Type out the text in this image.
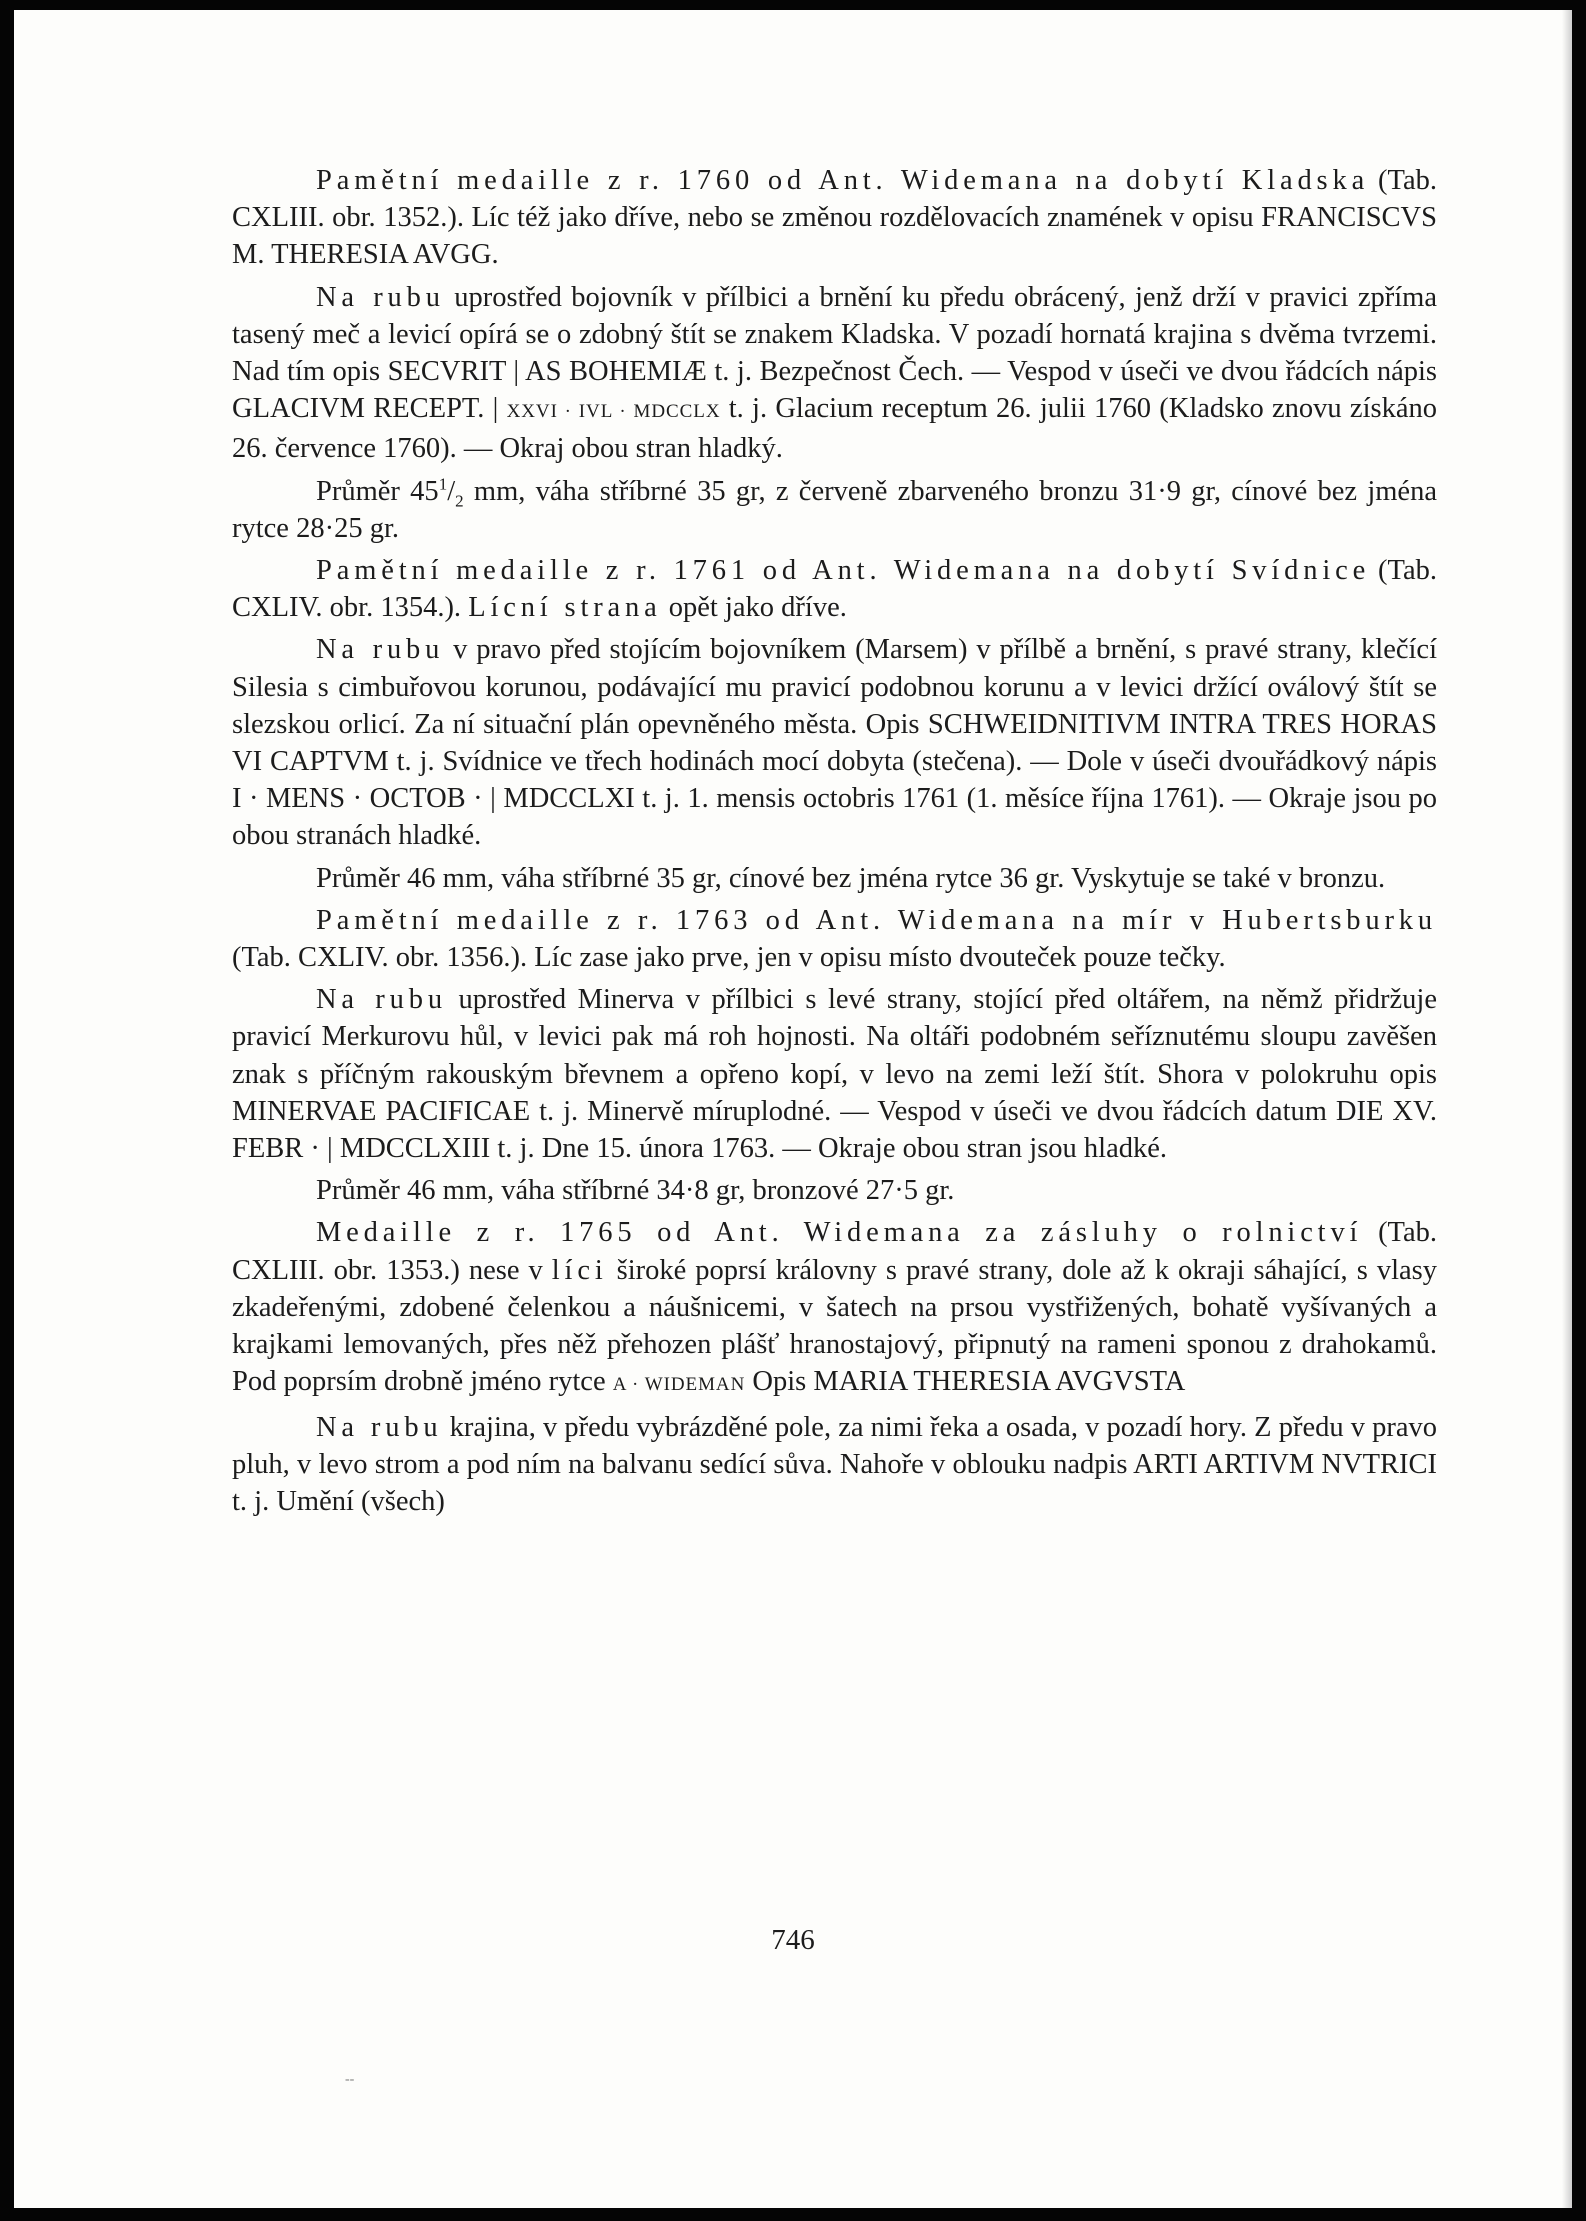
Pamětní medaille z r. 1760 od Ant. Widemana na dobytí Kladska (Tab. CXLIII. obr. 1352.). Líc též jako dříve, nebo se změnou rozdělovacích znamének v opisu FRANCISCVS M. THERESIA AVGG.

Na rubu uprostřed bojovník v přílbici a brnění ku předu obrácený, jenž drží v pravici zpříma tasený meč a levicí opírá se o zdobný štít se znakem Kladska. V pozadí hornatá krajina s dvěma tvrzemi. Nad tím opis SECVRIT | AS BOHEMIÆ t. j. Bezpečnost Čech. — Vespod v úseči ve dvou řádcích nápis GLACIVM RECEPT. | XXVI · IVL · MDCCLX t. j. Glacium receptum 26. julii 1760 (Kladsko znovu získáno 26. července 1760). — Okraj obou stran hladký.

Průměr $45^1/_2$ mm, váha stříbrné 35 gr, z červeně zbarveného bronzu 31·9 gr, cínové bez jména rytce 28·25 gr.

Pamětní medaille z r. 1761 od Ant. Widemana na dobytí Svídnice (Tab. CXLIV. obr. 1354.). Lícní strana opět jako dříve.

Na rubu v pravo před stojícím bojovníkem (Marsem) v přílbě a brnění, s pravé strany, klečící Silesia s cimbuřovou korunou, podávající mu pravicí podobnou korunu a v levici držící oválový štít se slezskou orlicí. Za ní situační plán opevněného města. Opis SCHWEIDNITIVM INTRA TRES HORAS VI CAPTVM t. j. Svídnice ve třech hodinách mocí dobyta (stečena). — Dole v úseči dvouřádkový nápis I · MENS · OCTOB · | MDCCLXI t. j. 1. mensis octobris 1761 (1. měsíce října 1761). — Okraje jsou po obou stranách hladké.

Průměr 46 mm, váha stříbrné 35 gr, cínové bez jména rytce 36 gr. Vyskytuje se také v bronzu.

Pamětní medaille z r. 1763 od Ant. Widemana na mír v Hubertsburku (Tab. CXLIV. obr. 1356.). Líc zase jako prve, jen v opisu místo dvouteček pouze tečky.

Na rubu uprostřed Minerva v přílbici s levé strany, stojící před oltářem, na němž přidržuje pravicí Merkurovu hůl, v levici pak má roh hojnosti. Na oltáři podobném seříznutému sloupu zavěšen znak s příčným rakouským břevnem a opřeno kopí, v levo na zemi leží štít. Shora v polokruhu opis MINERVAE PACIFICAE t. j. Minervě míruplodné. — Vespod v úseči ve dvou řádcích datum DIE XV. FEBR · | MDCCLXIII t. j. Dne 15. února 1763. — Okraje obou stran jsou hladké.

Průměr 46 mm, váha stříbrné 34·8 gr, bronzové 27·5 gr.

Medaille z r. 1765 od Ant. Widemana za zásluhy o rolnictví (Tab. CXLIII. obr. 1353.) nese v líci široké poprsí královny s pravé strany, dole až k okraji sáhající, s vlasy zkadeřenými, zdobené čelenkou a náušnicemi, v šatech na prsou vystřižených, bohatě vyšívaných a krajkami lemovaných, přes něž přehozen plášť hranostajový, připnutý na rameni sponou z drahokamů. Pod poprsím drobně jméno rytce A · WIDEMAN Opis MARIA THERESIA AVGVSTA

Na rubu krajina, v předu vybrázděné pole, za nimi řeka a osada, v pozadí hory. Z předu v pravo pluh, v levo strom a pod ním na balvanu sedící sůva. Nahoře v oblouku nadpis ARTI ARTIVM NVTRICI t. j. Umění (všech)

746
--
